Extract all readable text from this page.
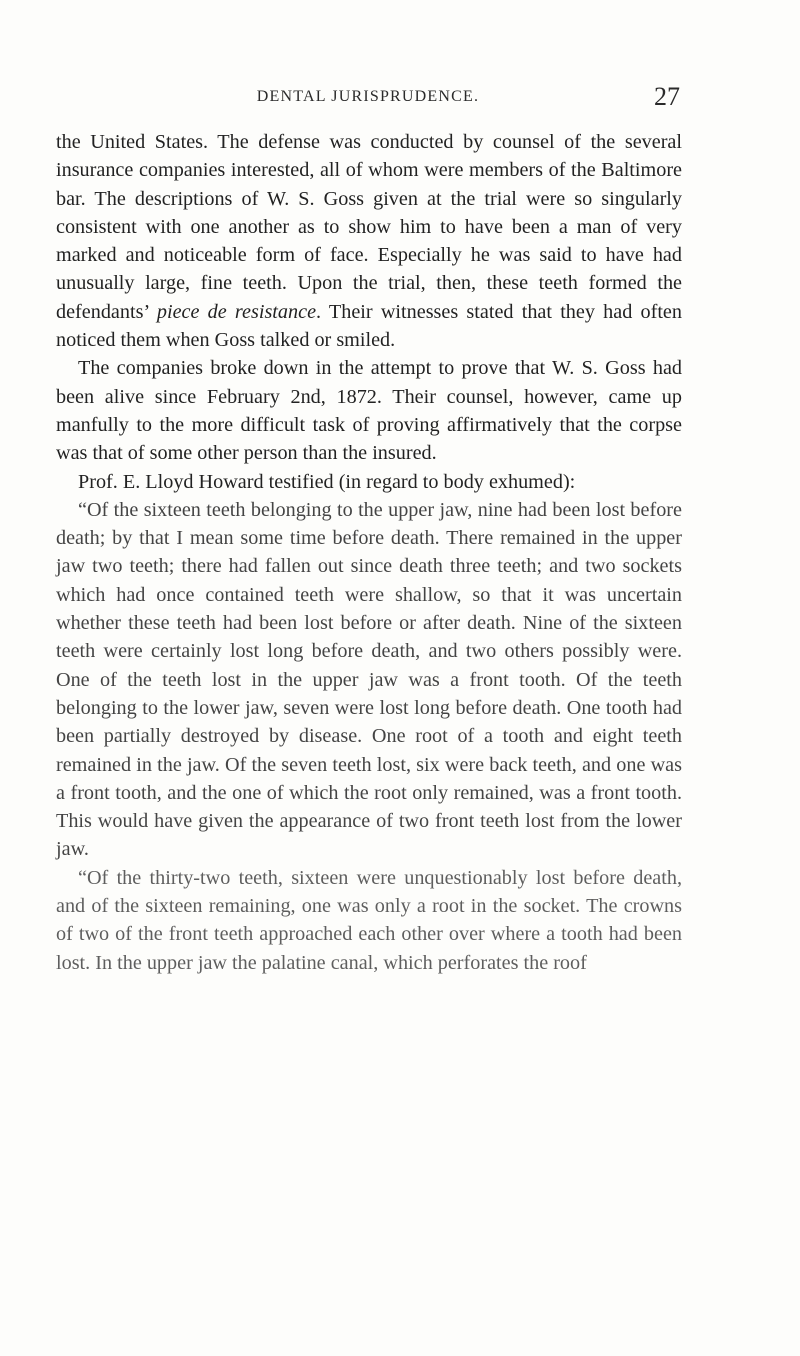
DENTAL JURISPRUDENCE.	27

the United States. The defense was conducted by counsel of the several insurance companies interested, all of whom were members of the Baltimore bar. The descriptions of W. S. Goss given at the trial were so singularly consistent with one another as to show him to have been a man of very marked and noticeable form of face. Especially he was said to have had unusually large, fine teeth. Upon the trial, then, these teeth formed the defendants’ piece de resistance. Their witnesses stated that they had often noticed them when Goss talked or smiled.

The companies broke down in the attempt to prove that W. S. Goss had been alive since February 2nd, 1872. Their counsel, however, came up manfully to the more difficult task of proving affirmatively that the corpse was that of some other person than the insured.

Prof. E. Lloyd Howard testified (in regard to body exhumed):

“Of the sixteen teeth belonging to the upper jaw, nine had been lost before death; by that I mean some time before death. There remained in the upper jaw two teeth; there had fallen out since death three teeth; and two sockets which had once contained teeth were shallow, so that it was uncertain whether these teeth had been lost before or after death. Nine of the sixteen teeth were certainly lost long before death, and two others possibly were. One of the teeth lost in the upper jaw was a front tooth. Of the teeth belonging to the lower jaw, seven were lost long before death. One tooth had been partially destroyed by disease. One root of a tooth and eight teeth remained in the jaw. Of the seven teeth lost, six were back teeth, and one was a front tooth, and the one of which the root only remained, was a front tooth. This would have given the appearance of two front teeth lost from the lower jaw.

“Of the thirty-two teeth, sixteen were unquestionably lost before death, and of the sixteen remaining, one was only a root in the socket. The crowns of two of the front teeth approached each other over where a tooth had been lost. In the upper jaw the palatine canal, which perforates the roof
